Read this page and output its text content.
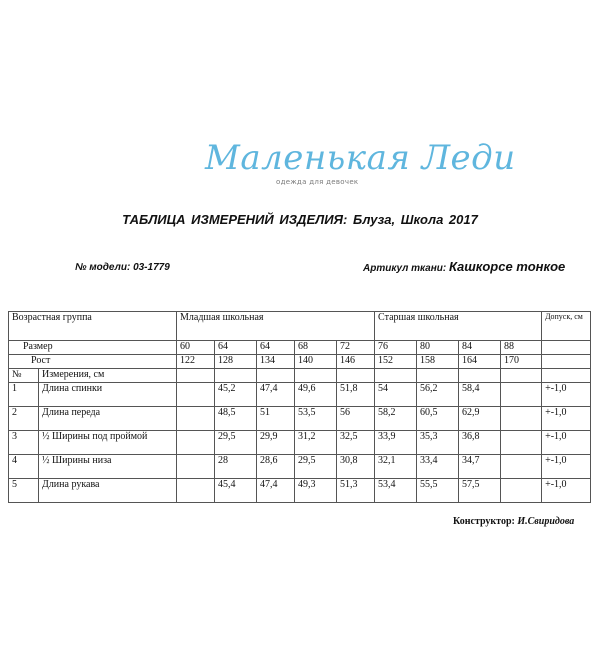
Маленькая Леди
одежда для девочек
ТАБЛИЦА ИЗМЕРЕНИЙ ИЗДЕЛИЯ: Блуза, Школа 2017
№ модели: 03-1779	Артикул ткани: Кашкорсе тонкое
Возрастная группа		Младшая школьная					Старшая школьная				Допуск, см
Размер		60	64	64	68	72	76	80	84	88	
Рост		122	128	134	140	146	152	158	164	170	
№	Измерения, см										
1	Длина спинки		45,2	47,4	49,6	51,8	54	56,2	58,4		+-1,0
2	Длина переда		48,5	51	53,5	56	58,2	60,5	62,9		+-1,0
3	½ Ширины под проймой		29,5	29,9	31,2	32,5	33,9	35,3	36,8		+-1,0
4	½ Ширины низа		28	28,6	29,5	30,8	32,1	33,4	34,7		+-1,0
5	Длина рукава		45,4	47,4	49,3	51,3	53,4	55,5	57,5		+-1,0
Конструктор: И.Свиридова
